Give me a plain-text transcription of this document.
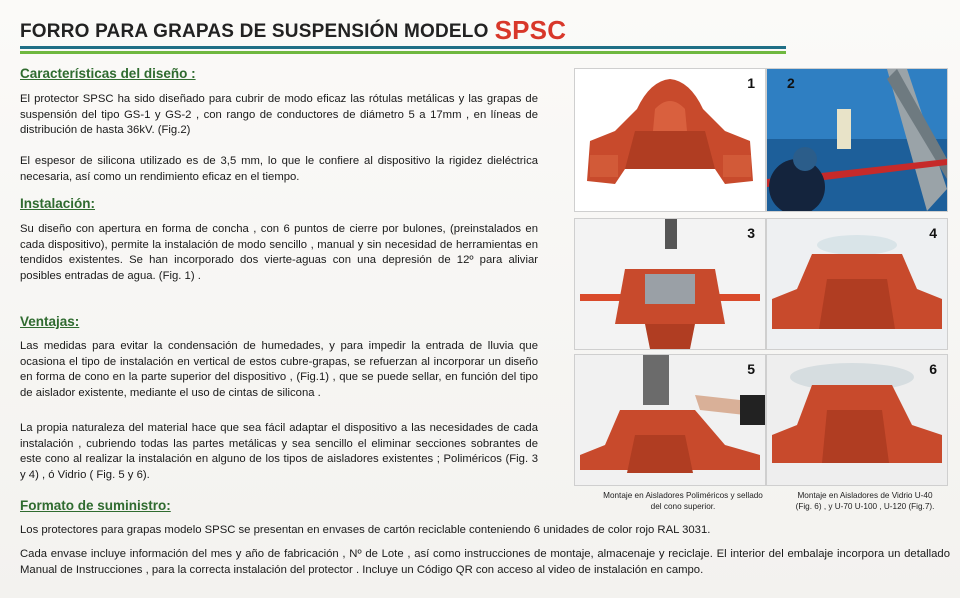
FORRO PARA GRAPAS DE SUSPENSIÓN MODELO SPSC
Características del diseño :
El protector SPSC ha sido diseñado para cubrir de modo eficaz las rótulas metálicas y las grapas de suspensión del tipo GS-1 y GS-2 , con rango de conductores de diámetro 5 a 17mm , en líneas de distribución de hasta 36kV. (Fig.2)
El espesor de silicona utilizado es de 3,5 mm, lo que le confiere al dispositivo la rigidez dieléctrica necesaria, así como un rendimiento eficaz en el tiempo.
Instalación:
Su diseño con apertura en forma de concha , con 6 puntos de cierre por bulones, (preinstalados en cada dispositivo), permite la instalación de modo sencillo , manual y sin necesidad de herramientas en tendidos existentes. Se han incorporado dos vierte-aguas con una depresión de 12º para aliviar posibles entradas de agua. (Fig. 1) .
Ventajas:
Las medidas para evitar la condensación de humedades, y para impedir la entrada de lluvia que ocasiona el tipo de instalación en vertical de estos cubre-grapas, se refuerzan al incorporar un diseño en forma de cono en la parte superior del dispositivo , (Fig.1) , que se puede sellar, en función del tipo de aislador existente, mediante el uso de cintas de silicona .
La propia naturaleza del material hace que sea fácil adaptar el dispositivo a las necesidades de cada instalación , cubriendo todas las partes metálicas y sea sencillo el eliminar secciones sobrantes de este cono al realizar la instalación en alguno de los tipos de aisladores existentes ; Poliméricos (Fig. 3 y 4) , ó Vidrio ( Fig. 5 y 6).
Formato de suministro:
Los protectores para grapas modelo SPSC se presentan en envases de cartón reciclable conteniendo 6 unidades de color rojo RAL 3031.
Cada envase incluye información del mes y año de fabricación , Nº de Lote , así como instrucciones de montaje, almacenaje y reciclaje. El interior del embalaje incorpora un detallado Manual de Instrucciones , para la correcta instalación del protector . Incluye un Código QR con acceso al video de instalación en campo.
1 2
3	4
5	6
Montaje en Aisladores Poliméricos y sellado del cono superior.
Montaje en Aisladores de Vidrio U-40 (Fig. 6) , y U-70 U-100 , U-120 (Fig.7).
